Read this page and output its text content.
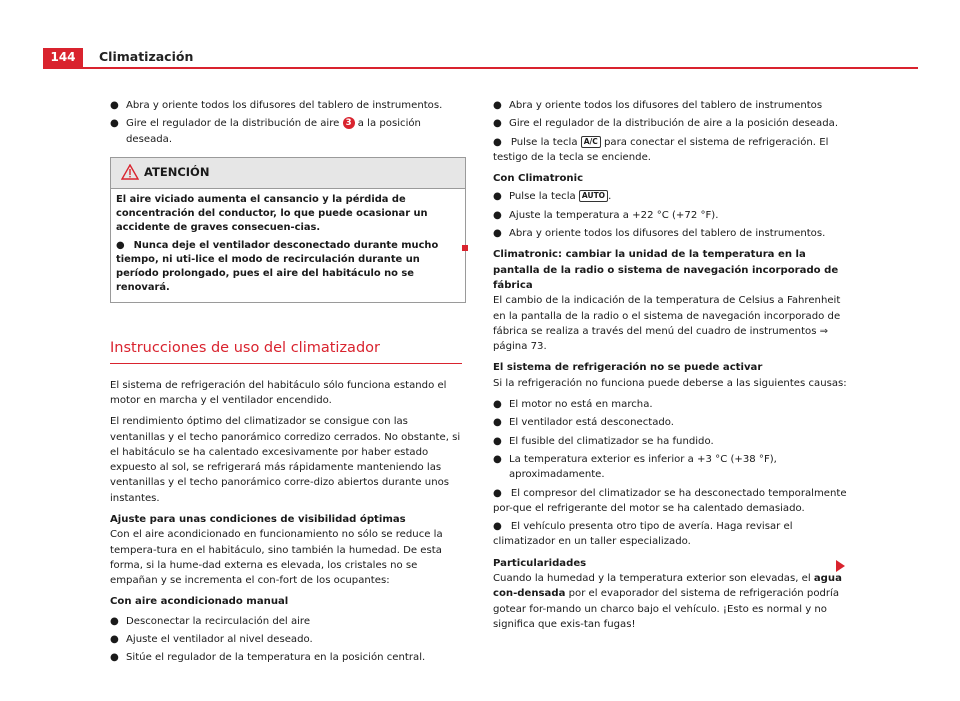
144	Climatización
● Abra y oriente todos los difusores del tablero de instrumentos.
● Gire el regulador de la distribución de aire 3 a la posición deseada.
ATENCIÓN
El aire viciado aumenta el cansancio y la pérdida de concentración del conductor, lo que puede ocasionar un accidente de graves consecuen-cias.
● Nunca deje el ventilador desconectado durante mucho tiempo, ni uti-lice el modo de recirculación durante un período prolongado, pues el aire del habitáculo no se renovará.
Instrucciones de uso del climatizador

El sistema de refrigeración del habitáculo sólo funciona estando el motor en marcha y el ventilador encendido.

El rendimiento óptimo del climatizador se consigue con las ventanillas y el techo panorámico corredizo cerrados. No obstante, si el habitáculo se ha calentado excesivamente por haber estado expuesto al sol, se refrigerará más rápidamente manteniendo las ventanillas y el techo panorámico corre-dizo abiertos durante unos instantes.

Ajuste para unas condiciones de visibilidad óptimas

Con el aire acondicionado en funcionamiento no sólo se reduce la tempera-tura en el habitáculo, sino también la humedad. De esta forma, si la hume-dad externa es elevada, los cristales no se empañan y se incrementa el con-fort de los ocupantes:

Con aire acondicionado manual
● Desconectar la recirculación del aire
● Ajuste el ventilador al nivel deseado.
● Sitúe el regulador de la temperatura en la posición central.
● Abra y oriente todos los difusores del tablero de instrumentos
● Gire el regulador de la distribución de aire a la posición deseada.
● Pulse la tecla A/C para conectar el sistema de refrigeración. El testigo de la tecla se enciende.
Con Climatronic
● Pulse la tecla AUTO .
● Ajuste la temperatura a +22 °C (+72 °F).
● Abra y oriente todos los difusores del tablero de instrumentos.
Climatronic: cambiar la unidad de la temperatura en la pantalla de la radio o sistema de navegación incorporado de fábrica

El cambio de la indicación de la temperatura de Celsius a Fahrenheit en la pantalla de la radio o el sistema de navegación incorporado de fábrica se realiza a través del menú del cuadro de instrumentos ⇒ página 73.

El sistema de refrigeración no se puede activar

Si la refrigeración no funciona puede deberse a las siguientes causas:

● El motor no está en marcha.
● El ventilador está desconectado.
● El fusible del climatizador se ha fundido.
● La temperatura exterior es inferior a +3 °C (+38 °F), aproximadamente.
● El compresor del climatizador se ha desconectado temporalmente por-que el refrigerante del motor se ha calentado demasiado.
● El vehículo presenta otro tipo de avería. Haga revisar el climatizador en un taller especializado.
Particularidades

Cuando la humedad y la temperatura exterior son elevadas, el agua con-densada por el evaporador del sistema de refrigeración podría gotear for-mando un charco bajo el vehículo. ¡Esto es normal y no significa que exis-tan fugas!
